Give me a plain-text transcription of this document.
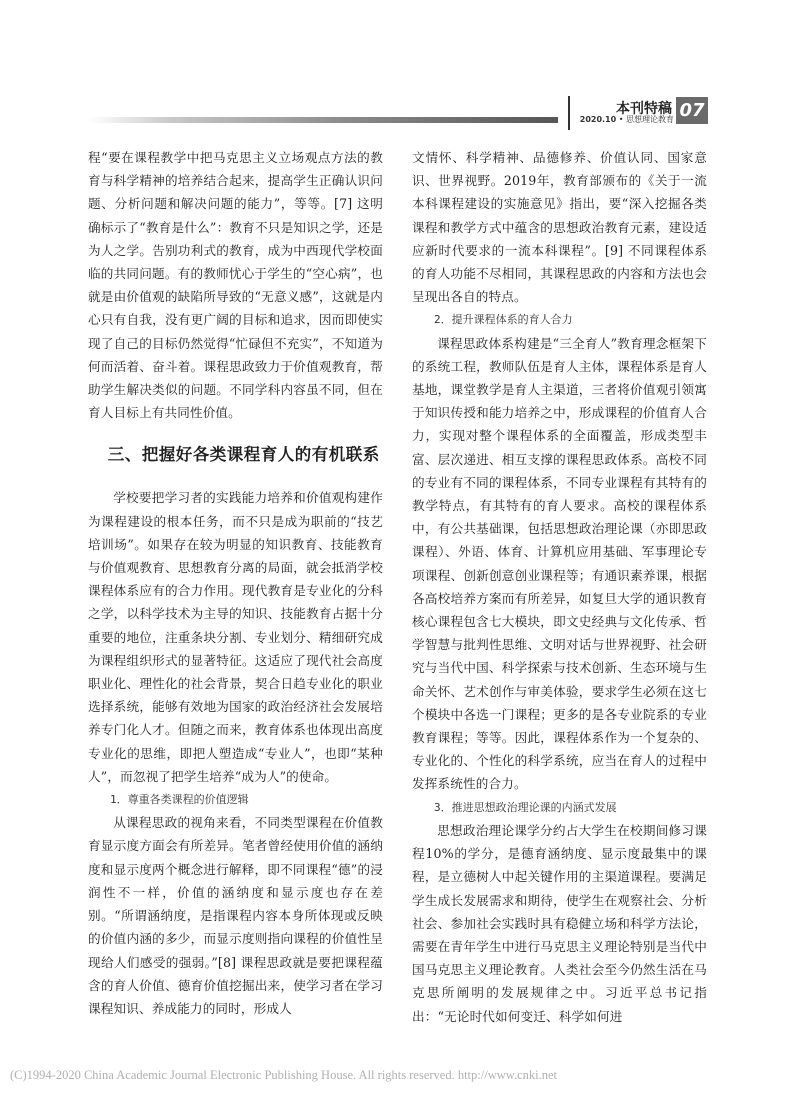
本刊特稿
2020.10 • 思想理论教育 07

程“要在课程教学中把马克思主义立场观点方法的教育与科学精神的培养结合起来，提高学生正确认识问题、分析问题和解决问题的能力”，等等。[7] 这明确标示了“教育是什么”：教育不只是知识之学，还是为人之学。告别功利式的教育，成为中西现代学校面临的共同问题。有的教师忧心于学生的“空心病”，也就是由价值观的缺陷所导致的“无意义感”，这就是内心只有自我，没有更广阔的目标和追求，因而即使实现了自己的目标仍然觉得“忙碌但不充实”，不知道为何而活着、奋斗着。课程思政致力于价值观教育，帮助学生解决类似的问题。不同学科内容虽不同，但在育人目标上有共同性价值。

三、把握好各类课程育人的有机联系

学校要把学习者的实践能力培养和价值观构建作为课程建设的根本任务，而不只是成为职前的“技艺培训场”。如果存在较为明显的知识教育、技能教育与价值观教育、思想教育分离的局面，就会抵消学校课程体系应有的合力作用。现代教育是专业化的分科之学，以科学技术为主导的知识、技能教育占据十分重要的地位，注重条块分割、专业划分、精细研究成为课程组织形式的显著特征。这适应了现代社会高度职业化、理性化的社会背景，契合日趋专业化的职业选择系统，能够有效地为国家的政治经济社会发展培养专门化人才。但随之而来，教育体系也体现出高度专业化的思维，即把人塑造成“专业人”，也即“某种人”，而忽视了把学生培养“成为人”的使命。

1．尊重各类课程的价值逻辑

从课程思政的视角来看，不同类型课程在价值教育显示度方面会有所差异。笔者曾经使用价值的涵纳度和显示度两个概念进行解释，即不同课程“德”的浸润性不一样，价值的涵纳度和显示度也存在差别。“所谓涵纳度，是指课程内容本身所体现或反映的价值内涵的多少，而显示度则指向课程的价值性呈现给人们感受的强弱。”[8] 课程思政就是要把课程蕴含的育人价值、德育价值挖掘出来，使学习者在学习课程知识、养成能力的同时，形成人

文情怀、科学精神、品德修养、价值认同、国家意识、世界视野。2019年，教育部颁布的《关于一流本科课程建设的实施意见》指出，要“深入挖掘各类课程和教学方式中蕴含的思想政治教育元素，建设适应新时代要求的一流本科课程”。[9] 不同课程体系的育人功能不尽相同，其课程思政的内容和方法也会呈现出各自的特点。

2．提升课程体系的育人合力

课程思政体系构建是“三全育人”教育理念框架下的系统工程，教师队伍是育人主体，课程体系是育人基地，课堂教学是育人主渠道，三者将价值观引领寓于知识传授和能力培养之中，形成课程的价值育人合力，实现对整个课程体系的全面覆盖，形成类型丰富、层次递进、相互支撑的课程思政体系。高校不同的专业有不同的课程体系，不同专业课程有其特有的教学特点，有其特有的育人要求。高校的课程体系中，有公共基础课，包括思想政治理论课（亦即思政课程）、外语、体育、计算机应用基础、军事理论专项课程、创新创意创业课程等；有通识素养课，根据各高校培养方案而有所差异，如复旦大学的通识教育核心课程包含七大模块，即文史经典与文化传承、哲学智慧与批判性思维、文明对话与世界视野、社会研究与当代中国、科学探索与技术创新、生态环境与生命关怀、艺术创作与审美体验，要求学生必须在这七个模块中各选一门课程；更多的是各专业院系的专业教育课程；等等。因此，课程体系作为一个复杂的、专业化的、个性化的科学系统，应当在育人的过程中发挥系统性的合力。

3．推进思想政治理论课的内涵式发展

思想政治理论课学分约占大学生在校期间修习课程10%的学分，是德育涵纳度、显示度最集中的课程，是立德树人中起关键作用的主渠道课程。要满足学生成长发展需求和期待，使学生在观察社会、分析社会、参加社会实践时具有稳健立场和科学方法论，需要在青年学生中进行马克思主义理论特别是当代中国马克思主义理论教育。人类社会至今仍然生活在马克思所阐明的发展规律之中。习近平总书记指出：“无论时代如何变迁、科学如何进

(C)1994-2020 China Academic Journal Electronic Publishing House. All rights reserved. http://www.cnki.net
